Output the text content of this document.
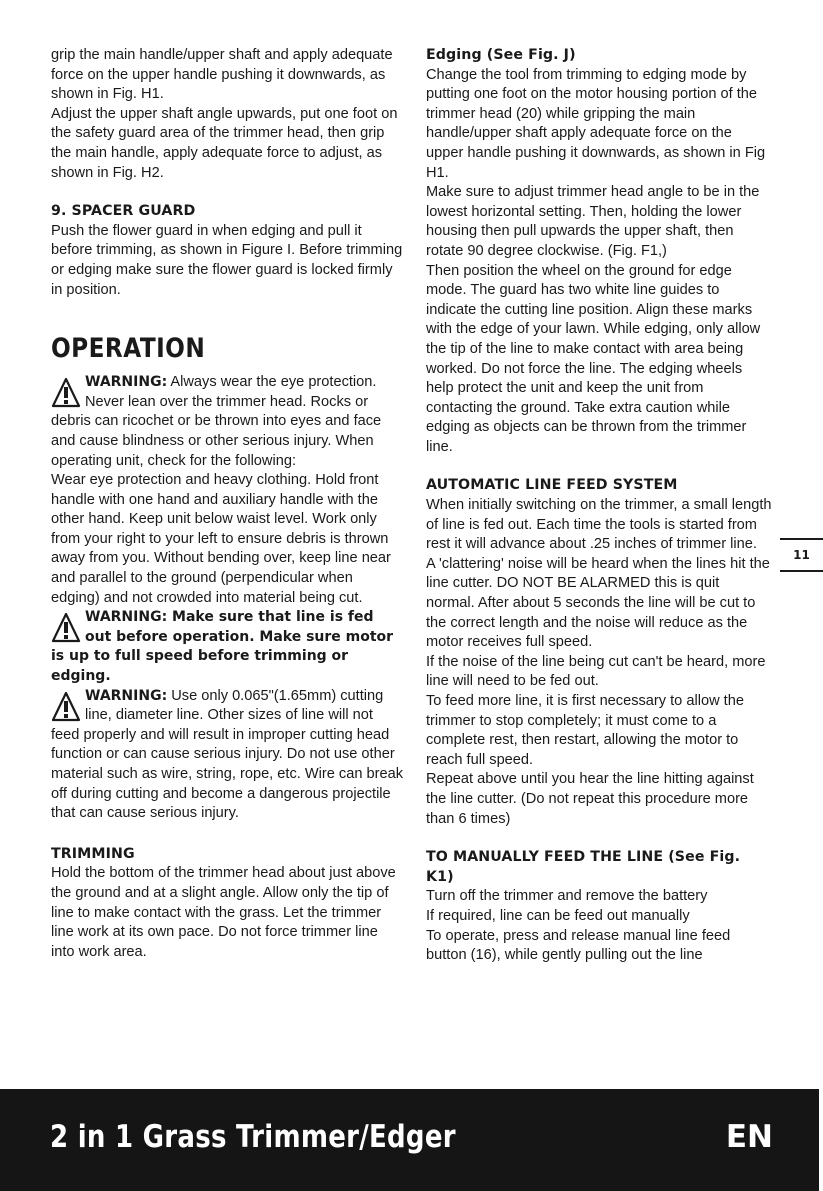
grip the main handle/upper shaft and apply adequate force on the upper handle pushing it downwards, as shown in Fig. H1.

Adjust the upper shaft angle upwards, put one foot on the safety guard area of the trimmer head, then grip the main handle, apply adequate force to adjust, as shown in Fig. H2.

9. SPACER GUARD

Push the flower guard in when edging and pull it before trimming, as shown in Figure I. Before trimming or edging make sure the flower guard is locked firmly in position.

OPERATION
WARNING: Always wear the eye protection. Never lean over the trimmer head. Rocks or debris can ricochet or be thrown into eyes and face and cause blindness or other serious injury. When operating unit, check for the following:

Wear eye protection and heavy clothing. Hold front handle with one hand and auxiliary handle with the other hand. Keep unit below waist level. Work only from your right to your left to ensure debris is thrown away from you. Without bending over, keep line near and parallel to the ground (perpendicular when edging) and not crowded into material being cut.

WARNING: Make sure that line is fed out before operation. Make sure motor is up to full speed before trimming or edging.
WARNING: Use only 0.065"(1.65mm) cutting line, diameter line. Other sizes of line will not feed properly and will result in improper cutting head function or can cause serious injury. Do not use other material such as wire, string, rope, etc. Wire can break off during cutting and become a dangerous projectile that can cause serious injury.
TRIMMING

Hold the bottom of the trimmer head about just above the ground and at a slight angle. Allow only the tip of line to make contact with the grass. Let the trimmer line work at its own pace. Do not force trimmer line into work area.

Edging (See Fig. J)

Change the tool from trimming to edging mode by putting one foot on the motor housing portion of the trimmer head (20) while gripping the main handle/upper shaft apply adequate force on the upper handle pushing it downwards, as shown in Fig H1.

Make sure to adjust trimmer head angle to be in the lowest horizontal setting. Then, holding the lower housing then pull upwards the upper shaft, then rotate 90 degree clockwise. (Fig. F1,)

Then position the wheel on the ground for edge mode. The guard has two white line guides to indicate the cutting line position. Align these marks with the edge of your lawn. While edging, only allow the tip of the line to make contact with area being worked. Do not force the line. The edging wheels help protect the unit and keep the unit from contacting the ground. Take extra caution while edging as objects can be thrown from the trimmer line.

AUTOMATIC LINE FEED SYSTEM

When initially switching on the trimmer, a small length of line is fed out. Each time the tools is started from rest it will advance about .25 inches of trimmer line.

A 'clattering' noise will be heard when the lines hit the line cutter. DO NOT BE ALARMED this is quit normal. After about 5 seconds the line will be cut to the correct length and the noise will reduce as the motor receives full speed.

If the noise of the line being cut can't be heard, more line will need to be fed out.

To feed more line, it is first necessary to allow the trimmer to stop completely; it must come to a complete rest, then restart, allowing the motor to reach full speed.

Repeat above until you hear the line hitting against the line cutter. (Do not repeat this procedure more than 6 times)

TO MANUALLY FEED THE LINE (See Fig. K1)

Turn off the trimmer and remove the battery

If required, line can be feed out manually

To operate, press and release manual line feed button (16), while gently pulling out the line

11
2 in 1 Grass Trimmer/Edger	EN
